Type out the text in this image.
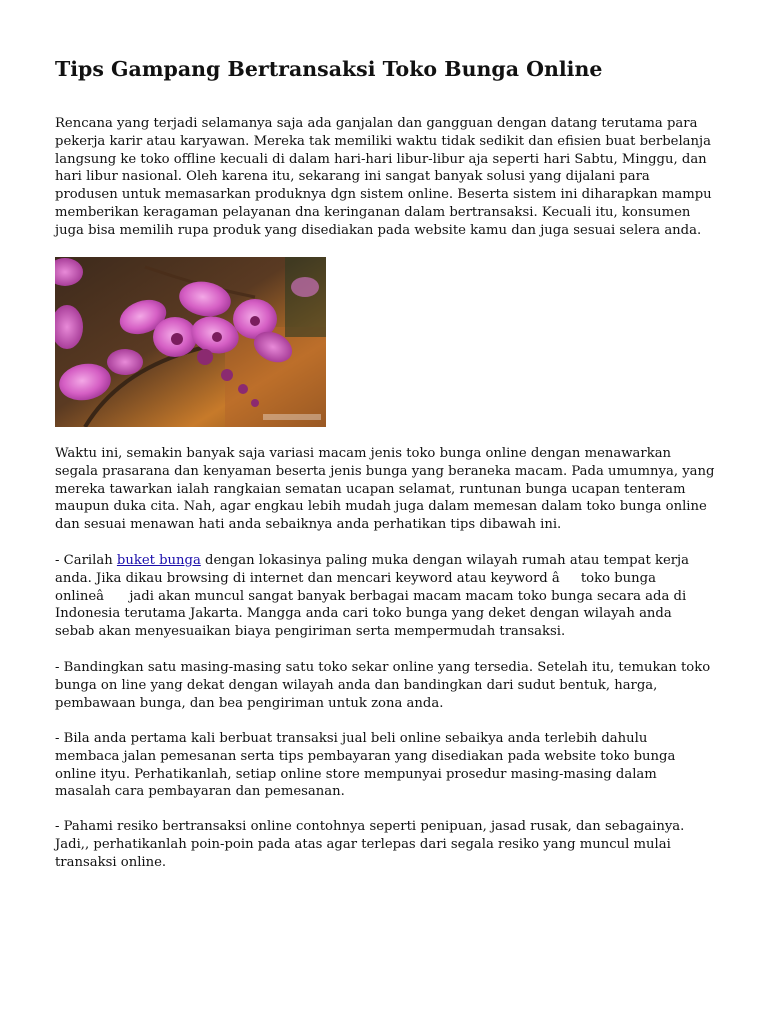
Tips Gampang Bertransaksi Toko Bunga Online

Rencana yang terjadi selamanya saja ada ganjalan dan gangguan dengan datang terutama para pekerja karir atau karyawan. Mereka tak memiliki waktu tidak sedikit dan efisien buat berbelanja langsung ke toko offline kecuali di dalam hari-hari libur-libur aja seperti hari Sabtu, Minggu, dan hari libur nasional. Oleh karena itu, sekarang ini sangat banyak solusi yang dijalani para produsen untuk memasarkan produknya dgn sistem online. Beserta sistem ini diharapkan mampu memberikan keragaman pelayanan dna keringanan dalam bertransaksi. Kecuali itu, konsumen juga bisa memilih rupa produk yang disediakan pada website kamu dan juga sesuai selera anda.

Waktu ini, semakin banyak saja variasi macam jenis toko bunga online dengan menawarkan segala prasarana dan kenyaman beserta jenis bunga yang beraneka macam. Pada umumnya, yang mereka tawarkan ialah rangkaian sematan ucapan selamat, runtunan bunga ucapan tenteram maupun duka cita. Nah, agar engkau lebih mudah juga dalam memesan dalam toko bunga online dan sesuai menawan hati anda sebaiknya anda perhatikan tips dibawah ini.

- Carilah buket bunga dengan lokasinya paling muka dengan wilayah rumah atau tempat kerja anda. Jika dikau browsing di internet dan mencari keyword atau keyword âtoko bunga onlineâ jadi akan muncul sangat banyak berbagai macam macam toko bunga secara ada di Indonesia terutama Jakarta. Mangga anda cari toko bunga yang deket dengan wilayah anda sebab akan menyesuaikan biaya pengiriman serta mempermudah transaksi.

- Bandingkan satu masing-masing satu toko sekar online yang tersedia. Setelah itu, temukan toko bunga on line yang dekat dengan wilayah anda dan bandingkan dari sudut bentuk, harga, pembawaan bunga, dan bea pengiriman untuk zona anda.

- Bila anda pertama kali berbuat transaksi jual beli online sebaikya anda terlebih dahulu membaca jalan pemesanan serta tips pembayaran yang disediakan pada website toko bunga online ityu. Perhatikanlah, setiap online store mempunyai prosedur masing-masing dalam masalah cara pembayaran dan pemesanan.

- Pahami resiko bertransaksi online contohnya seperti penipuan, jasad rusak, dan sebagainya. Jadi,, perhatikanlah poin-poin pada atas agar terlepas dari segala resiko yang muncul mulai transaksi online.
